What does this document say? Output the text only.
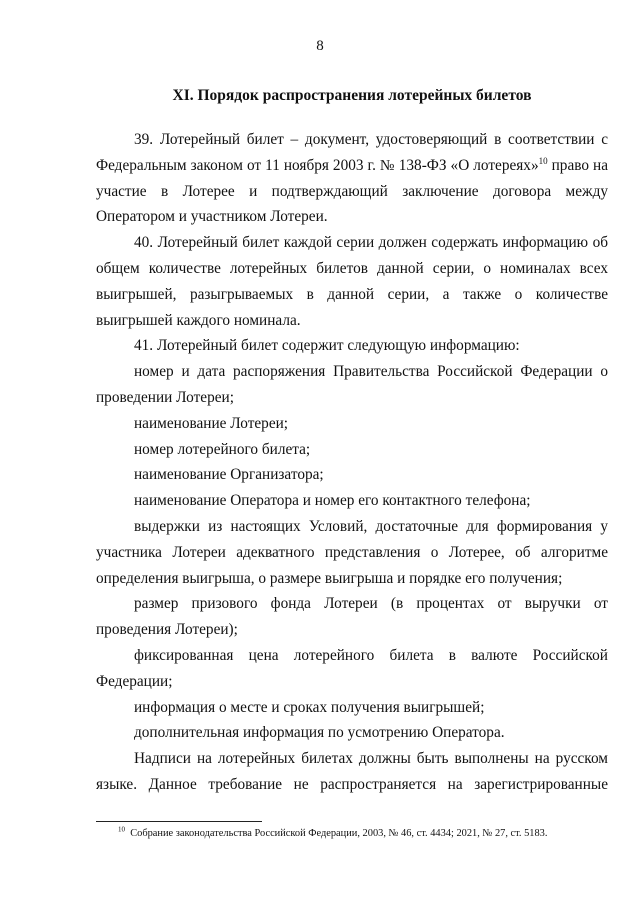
8
XI. Порядок распространения лотерейных билетов

39. Лотерейный билет – документ, удостоверяющий в соответствии с Федеральным законом от 11 ноября 2003 г. № 138-ФЗ «О лотереях»$^{10}$ право на участие в Лотерее и подтверждающий заключение договора между Оператором и участником Лотереи.

40. Лотерейный билет каждой серии должен содержать информацию об общем количестве лотерейных билетов данной серии, о номиналах всех выигрышей, разыгрываемых в данной серии, а также о количестве выигрышей каждого номинала.

41. Лотерейный билет содержит следующую информацию:

номер и дата распоряжения Правительства Российской Федерации о проведении Лотереи;

наименование Лотереи;

номер лотерейного билета;

наименование Организатора;

наименование Оператора и номер его контактного телефона;

выдержки из настоящих Условий, достаточные для формирования у участника Лотереи адекватного представления о Лотерее, об алгоритме определения выигрыша, о размере выигрыша и порядке его получения;

размер призового фонда Лотереи (в процентах от выручки от проведения Лотереи);

фиксированная цена лотерейного билета в валюте Российской Федерации;

информация о месте и сроках получения выигрышей;

дополнительная информация по усмотрению Оператора.

Надписи на лотерейных билетах должны быть выполнены на русском языке. Данное требование не распространяется на зарегистрированные

$^{10}$ Собрание законодательства Российской Федерации, 2003, № 46, ст. 4434; 2021, № 27, ст. 5183.
